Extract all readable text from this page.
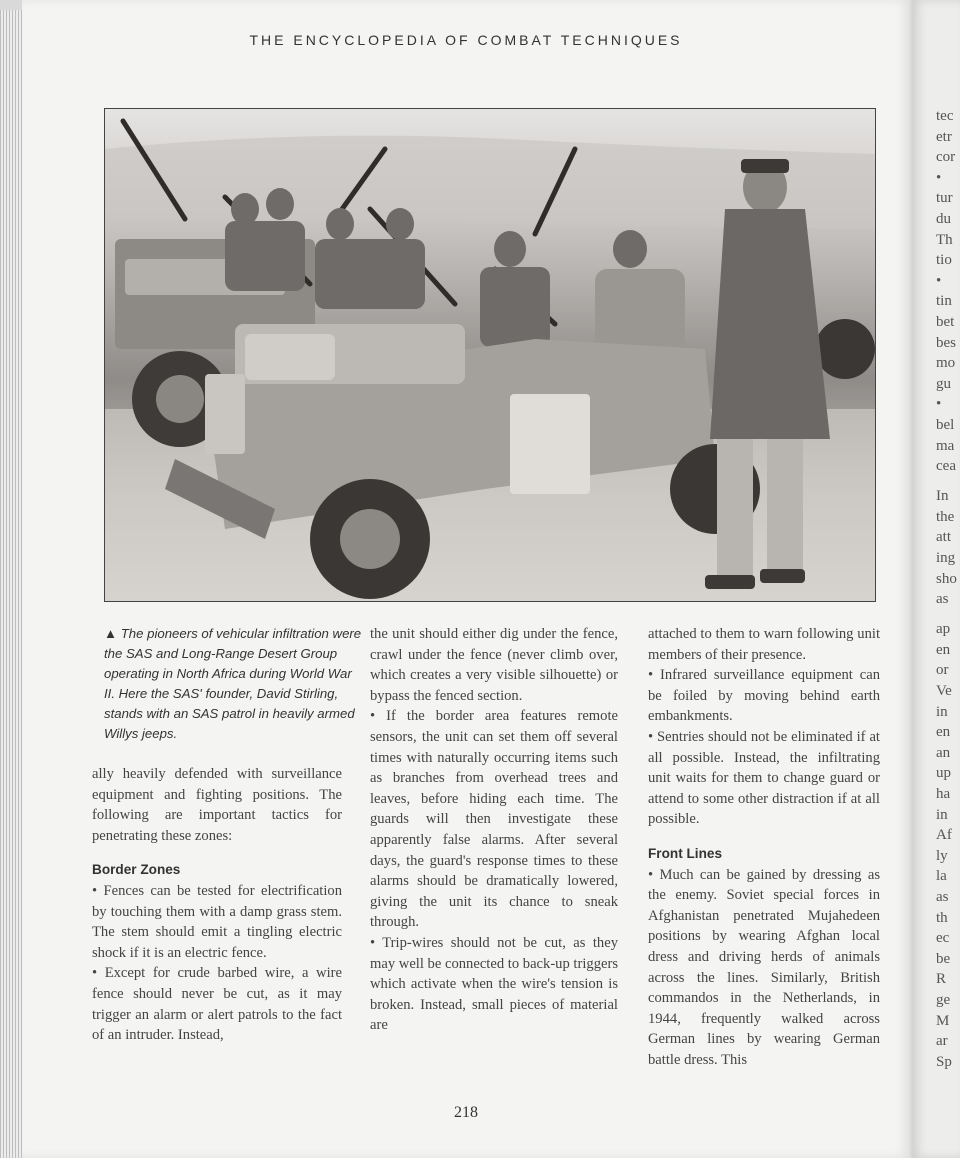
THE ENCYCLOPEDIA OF COMBAT TECHNIQUES
▲ The pioneers of vehicular infiltration were the SAS and Long-Range Desert Group operating in North Africa during World War II. Here the SAS' founder, David Stirling, stands with an SAS patrol in heavily armed Willys jeeps.

ally heavily defended with surveillance equipment and fighting positions. The following are important tactics for penetrating these zones:

Border Zones

• Fences can be tested for electrification by touching them with a damp grass stem. The stem should emit a tingling electric shock if it is an electric fence.

• Except for crude barbed wire, a wire fence should never be cut, as it may trigger an alarm or alert patrols to the fact of an intruder. Instead,

the unit should either dig under the fence, crawl under the fence (never climb over, which creates a very visible silhouette) or bypass the fenced section.

• If the border area features remote sensors, the unit can set them off several times with naturally occurring items such as branches from overhead trees and leaves, before hiding each time. The guards will then investigate these apparently false alarms. After several days, the guard's response times to these alarms should be dramatically lowered, giving the unit its chance to sneak through.

• Trip-wires should not be cut, as they may well be connected to back-up triggers which activate when the wire's tension is broken. Instead, small pieces of material are

attached to them to warn following unit members of their presence.

• Infrared surveillance equipment can be foiled by moving behind earth embankments.

• Sentries should not be eliminated if at all possible. Instead, the infiltrating unit waits for them to change guard or attend to some other distraction if at all possible.

Front Lines

• Much can be gained by dressing as the enemy. Soviet special forces in Afghanistan penetrated Mujahedeen positions by wearing Afghan local dress and driving herds of animals across the lines. Similarly, British commandos in the Netherlands, in 1944, frequently walked across German lines by wearing German battle dress. This

218
tec
etr
cor
•
tur
du
Th
tio
•
tin
bet
bes
mo
gu
•
bel
ma
cea
In
the
att
ing
sho
as
ap
en
or
Ve
in
en
an
up
ha
in
Af
ly
la
as
th
ec
be
R
ge
M
ar
Sp
